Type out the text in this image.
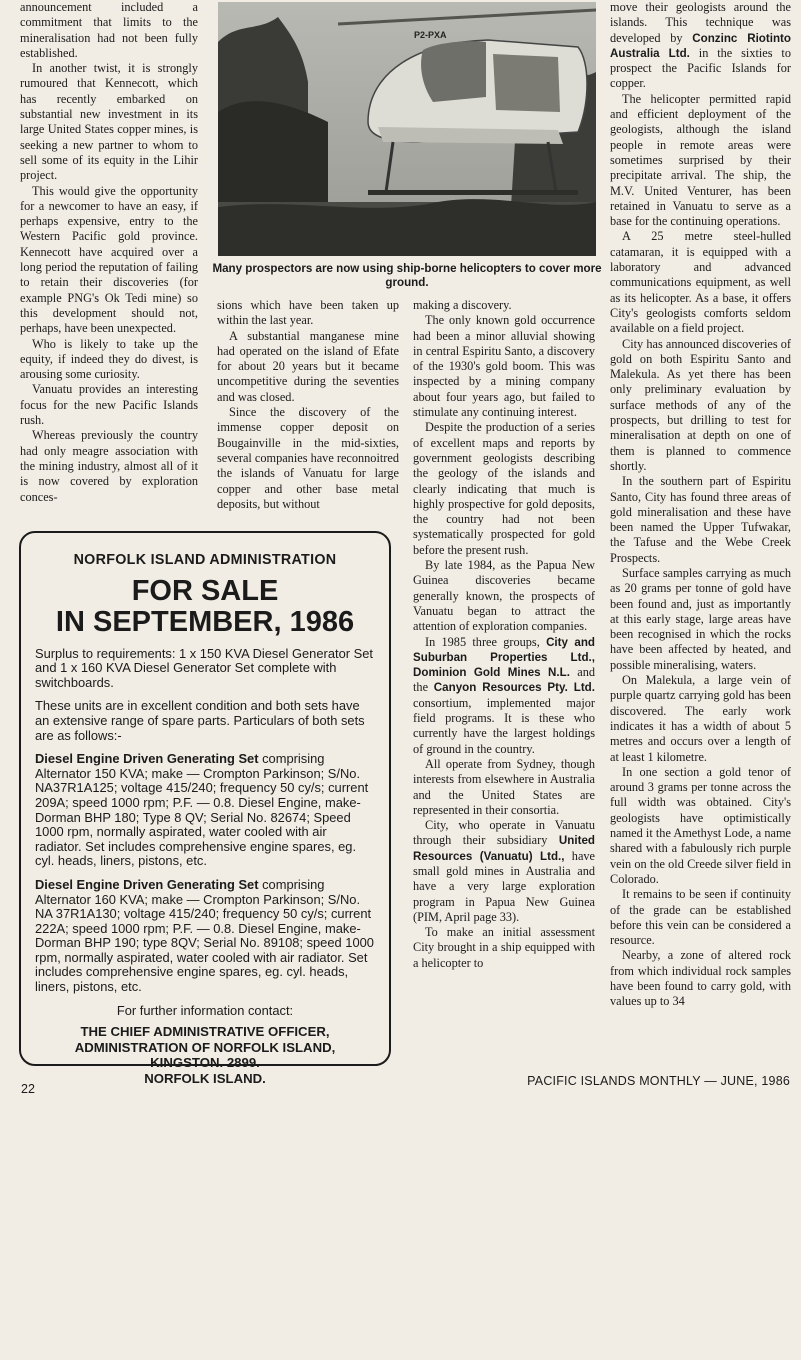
announcement included a commitment that limits to the mineralisation had not been fully established.

In another twist, it is strongly rumoured that Kennecott, which has recently embarked on substantial new investment in its large United States copper mines, is seeking a new partner to whom to sell some of its equity in the Lihir project.

This would give the opportunity for a newcomer to have an easy, if perhaps expensive, entry to the Western Pacific gold province. Kennecott have acquired over a long period the reputation of failing to retain their discoveries (for example PNG's Ok Tedi mine) so this development should not, perhaps, have been unexpected.

Who is likely to take up the equity, if indeed they do divest, is arousing some curiosity.

Vanuatu provides an interesting focus for the new Pacific Islands rush.

Whereas previously the country had only meagre association with the mining industry, almost all of it is now covered by exploration conces-

P2-PXA
Many prospectors are now using ship-borne helicopters to cover more ground.

sions which have been taken up within the last year.

A substantial manganese mine had operated on the island of Efate for about 20 years but it became uncompetitive during the seventies and was closed.

Since the discovery of the immense copper deposit on Bougainville in the mid-sixties, several companies have reconnoitred the islands of Vanuatu for large copper and other base metal deposits, but without

making a discovery.

The only known gold occurrence had been a minor alluvial showing in central Espiritu Santo, a discovery of the 1930's gold boom. This was inspected by a mining company about four years ago, but failed to stimulate any continuing interest.

Despite the production of a series of excellent maps and reports by government geologists describing the geology of the islands and clearly indicating that much is highly prospective for gold deposits, the country had not been systematically prospected for gold before the present rush.

By late 1984, as the Papua New Guinea discoveries became generally known, the prospects of Vanuatu began to attract the attention of exploration companies.

In 1985 three groups, City and Suburban Properties Ltd., Dominion Gold Mines N.L. and the Canyon Resources Pty. Ltd. consortium, implemented major field programs. It is these who currently have the largest holdings of ground in the country.

All operate from Sydney, though interests from elsewhere in Australia and the United States are represented in their consortia.

City, who operate in Vanuatu through their subsidiary United Resources (Vanuatu) Ltd., have small gold mines in Australia and have a very large exploration program in Papua New Guinea (PIM, April page 33).

To make an initial assessment City brought in a ship equipped with a helicopter to

move their geologists around the islands. This technique was developed by Conzinc Riotinto Australia Ltd. in the sixties to prospect the Pacific Islands for copper.

The helicopter permitted rapid and efficient deployment of the geologists, although the island people in remote areas were sometimes surprised by their precipitate arrival. The ship, the M.V. United Venturer, has been retained in Vanuatu to serve as a base for the continuing operations.

A 25 metre steel-hulled catamaran, it is equipped with a laboratory and advanced communications equipment, as well as its helicopter. As a base, it offers City's geologists comforts seldom available on a field project.

City has announced discoveries of gold on both Espiritu Santo and Malekula. As yet there has been only preliminary evaluation by surface methods of any of the prospects, but drilling to test for mineralisation at depth on one of them is planned to commence shortly.

In the southern part of Espiritu Santo, City has found three areas of gold mineralisation and these have been named the Upper Tufwakar, the Tafuse and the Webe Creek Prospects.

Surface samples carrying as much as 20 grams per tonne of gold have been found and, just as importantly at this early stage, large areas have been recognised in which the rocks have been affected by heated, and possible mineralising, waters.

On Malekula, a large vein of purple quartz carrying gold has been discovered. The early work indicates it has a width of about 5 metres and occurs over a length of at least 1 kilometre.

In one section a gold tenor of around 3 grams per tonne across the full width was obtained. City's geologists have optimistically named it the Amethyst Lode, a name shared with a fabulously rich purple vein on the old Creede silver field in Colorado.

It remains to be seen if continuity of the grade can be established before this vein can be considered a resource.

Nearby, a zone of altered rock from which individual rock samples have been found to carry gold, with values up to 34

NORFOLK ISLAND ADMINISTRATION
FOR SALE
IN SEPTEMBER, 1986

Surplus to requirements: 1 x 150 KVA Diesel Generator Set and 1 x 160 KVA Diesel Generator Set complete with switchboards.

These units are in excellent condition and both sets have an extensive range of spare parts. Particulars of both sets are as follows:-

Diesel Engine Driven Generating Set comprising Alternator 150 KVA; make — Crompton Parkinson; S/No. NA37R1A125; voltage 415/240; frequency 50 cy/s; current 209A; speed 1000 rpm; P.F. — 0.8. Diesel Engine, make-Dorman BHP 180; Type 8 QV; Serial No. 82674; Speed 1000 rpm, normally aspirated, water cooled with air radiator. Set includes comprehensive engine spares, eg. cyl. heads, liners, pistons, etc.

Diesel Engine Driven Generating Set comprising Alternator 160 KVA; make — Crompton Parkinson; S/No. NA 37R1A130; voltage 415/240; frequency 50 cy/s; current 222A; speed 1000 rpm; P.F. — 0.8. Diesel Engine, make-Dorman BHP 190; type 8QV; Serial No. 89108; speed 1000 rpm, normally aspirated, water cooled with air radiator. Set includes comprehensive engine spares, eg. cyl. heads, liners, pistons, etc.

For further information contact:
THE CHIEF ADMINISTRATIVE OFFICER,
ADMINISTRATION OF NORFOLK ISLAND,
KINGSTON. 2899.
NORFOLK ISLAND.
22
PACIFIC ISLANDS MONTHLY — JUNE, 1986
